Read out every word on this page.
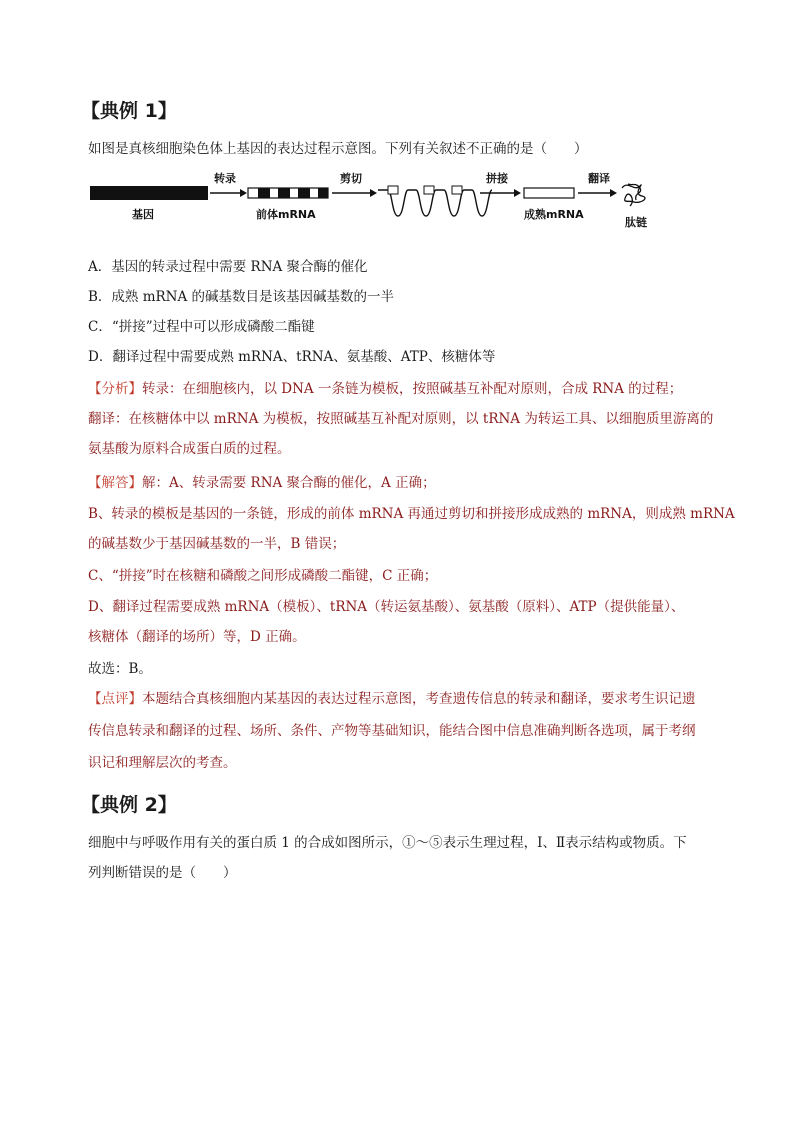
【典例 1】
如图是真核细胞染色体上基因的表达过程示意图。下列有关叙述不正确的是（　　）
基因
转录
前体mRNA
剪切	拼接
成熟mRNA
翻译
肽链
A．基因的转录过程中需要 RNA 聚合酶的催化
B．成熟 mRNA 的碱基数目是该基因碱基数的一半
C．“拼接”过程中可以形成磷酸二酯键
D．翻译过程中需要成熟 mRNA、tRNA、氨基酸、ATP、核糖体等
【分析】转录：在细胞核内，以 DNA 一条链为模板，按照碱基互补配对原则，合成 RNA 的过程；
翻译：在核糖体中以 mRNA 为模板，按照碱基互补配对原则，以 tRNA 为转运工具、以细胞质里游离的
氨基酸为原料合成蛋白质的过程。
【解答】解：A、转录需要 RNA 聚合酶的催化，A 正确；
B、转录的模板是基因的一条链，形成的前体 mRNA 再通过剪切和拼接形成成熟的 mRNA，则成熟 mRNA
的碱基数少于基因碱基数的一半，B 错误；
C、“拼接”时在核糖和磷酸之间形成磷酸二酯键，C 正确；
D、翻译过程需要成熟 mRNA（模板）、tRNA（转运氨基酸）、氨基酸（原料）、ATP（提供能量）、
核糖体（翻译的场所）等，D 正确。
故选：B。
【点评】本题结合真核细胞内某基因的表达过程示意图，考查遗传信息的转录和翻译，要求考生识记遗
传信息转录和翻译的过程、场所、条件、产物等基础知识，能结合图中信息准确判断各选项，属于考纲
识记和理解层次的考查。
【典例 2】
细胞中与呼吸作用有关的蛋白质 1 的合成如图所示，①～⑤表示生理过程，Ⅰ、Ⅱ表示结构或物质。下
列判断错误的是（　　）
